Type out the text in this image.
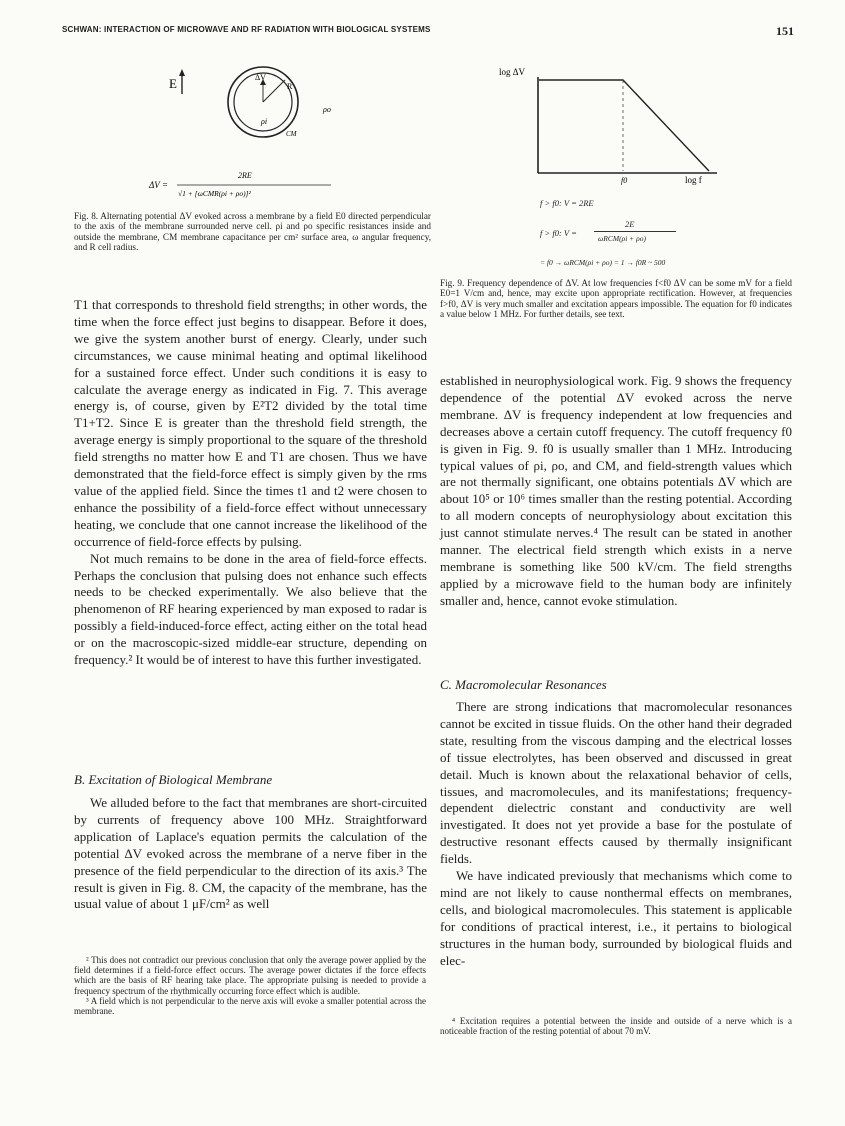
SCHWAN: INTERACTION OF MICROWAVE AND RF RADIATION WITH BIOLOGICAL SYSTEMS	151
E	ΔV
R
ρi
CM
ρo
ΔV =
2RE
√1 + [ωCMR(ρi + ρo)]²
Fig. 8. Alternating potential ΔV evoked across a membrane by a field E0 directed perpendicular to the axis of the membrane surrounded nerve cell. ρi and ρo specific resistances inside and outside the membrane, CM membrane capacitance per cm² surface area, ω angular frequency, and R cell radius.
log ΔV
f0	log f
f > f0: V = 2RE
f > f0: V =
2E
ωRCM(ρi + ρo)
= f0 → ωRCM(ρi + ρo) = 1 → f0R ~ 500
Fig. 9. Frequency dependence of ΔV. At low frequencies f<f0 ΔV can be some mV for a field E0=1 V/cm and, hence, may excite upon appropriate rectification. However, at frequencies f>f0, ΔV is very much smaller and excitation appears impossible. The equation for f0 indicates a value below 1 MHz. For further details, see text.

T1 that corresponds to threshold field strengths; in other words, the time when the force effect just begins to disappear. Before it does, we give the system another burst of energy. Clearly, under such circumstances, we cause minimal heating and optimal likelihood for a sustained force effect. Under such conditions it is easy to calculate the average energy as indicated in Fig. 7. This average energy is, of course, given by E²T2 divided by the total time T1+T2. Since E is greater than the threshold field strength, the average energy is simply proportional to the square of the threshold field strengths no matter how E and T1 are chosen. Thus we have demonstrated that the field-force effect is simply given by the rms value of the applied field. Since the times t1 and t2 were chosen to enhance the possibility of a field-force effect without unnecessary heating, we conclude that one cannot increase the likelihood of the occurrence of field-force effects by pulsing.

Not much remains to be done in the area of field-force effects. Perhaps the conclusion that pulsing does not enhance such effects needs to be checked experimentally. We also believe that the phenomenon of RF hearing experienced by man exposed to radar is possibly a field-induced-force effect, acting either on the total head or on the macroscopic-sized middle-ear structure, depending on frequency.² It would be of interest to have this further investigated.

B. Excitation of Biological Membrane

We alluded before to the fact that membranes are short-circuited by currents of frequency above 100 MHz. Straightforward application of Laplace's equation permits the calculation of the potential ΔV evoked across the membrane of a nerve fiber in the presence of the field perpendicular to the direction of its axis.³ The result is given in Fig. 8. CM, the capacity of the membrane, has the usual value of about 1 μF/cm² as well

² This does not contradict our previous conclusion that only the average power applied by the field determines if a field-force effect occurs. The average power dictates if the force effects which are the basis of RF hearing take place. The appropriate pulsing is needed to provide a frequency spectrum of the rhythmically occurring force effect which is audible.

³ A field which is not perpendicular to the nerve axis will evoke a smaller potential across the membrane.

established in neurophysiological work. Fig. 9 shows the frequency dependence of the potential ΔV evoked across the nerve membrane. ΔV is frequency independent at low frequencies and decreases above a certain cutoff frequency. The cutoff frequency f0 is given in Fig. 9. f0 is usually smaller than 1 MHz. Introducing typical values of ρi, ρo, and CM, and field-strength values which are not thermally significant, one obtains potentials ΔV which are about 10⁵ or 10⁶ times smaller than the resting potential. According to all modern concepts of neurophysiology about excitation this just cannot stimulate nerves.⁴ The result can be stated in another manner. The electrical field strength which exists in a nerve membrane is something like 500 kV/cm. The field strengths applied by a microwave field to the human body are infinitely smaller and, hence, cannot evoke stimulation.

C. Macromolecular Resonances

There are strong indications that macromolecular resonances cannot be excited in tissue fluids. On the other hand their degraded state, resulting from the viscous damping and the electrical losses of tissue electrolytes, has been observed and discussed in great detail. Much is known about the relaxational behavior of cells, tissues, and macromolecules, and its manifestations; frequency-dependent dielectric constant and conductivity are well investigated. It does not yet provide a base for the postulate of destructive resonant effects caused by thermally insignificant fields.

We have indicated previously that mechanisms which come to mind are not likely to cause nonthermal effects on membranes, cells, and biological macromolecules. This statement is applicable for conditions of practical interest, i.e., it pertains to biological structures in the human body, surrounded by biological fluids and elec-

⁴ Excitation requires a potential between the inside and outside of a nerve which is a noticeable fraction of the resting potential of about 70 mV.
